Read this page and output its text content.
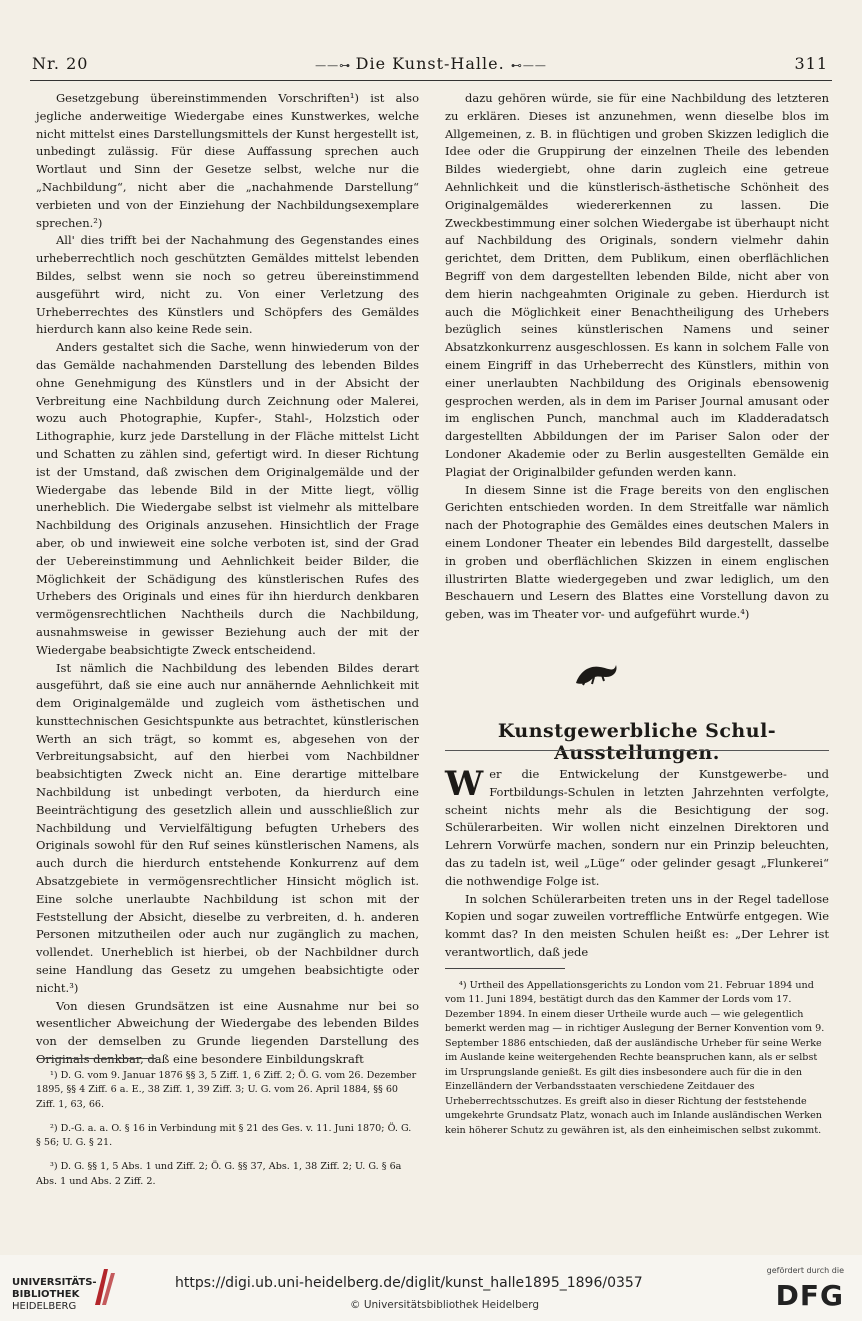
Nr. 20	——⊶ Die Kunst-Halle. ⊷——	311

Gesetzgebung übereinstimmenden Vorschriften¹) ist also jegliche anderweitige Wiedergabe eines Kunstwerkes, welche nicht mittelst eines Darstellungsmittels der Kunst hergestellt ist, unbedingt zulässig. Für diese Auffassung sprechen auch Wortlaut und Sinn der Gesetze selbst, welche nur die „Nachbildung“, nicht aber die „nachahmende Darstellung“ verbieten und von der Einziehung der Nachbildungsexemplare sprechen.²)

All' dies trifft bei der Nachahmung des Gegenstandes eines urheberrechtlich noch geschützten Gemäldes mittelst lebenden Bildes, selbst wenn sie noch so getreu übereinstimmend ausgeführt wird, nicht zu. Von einer Verletzung des Urheberrechtes des Künstlers und Schöpfers des Gemäldes hierdurch kann also keine Rede sein.

Anders gestaltet sich die Sache, wenn hinwiederum von der das Gemälde nachahmenden Darstellung des lebenden Bildes ohne Genehmigung des Künstlers und in der Absicht der Verbreitung eine Nachbildung durch Zeichnung oder Malerei, wozu auch Photographie, Kupfer-, Stahl-, Holzstich oder Lithographie, kurz jede Darstellung in der Fläche mittelst Licht und Schatten zu zählen sind, gefertigt wird. In dieser Richtung ist der Umstand, daß zwischen dem Originalgemälde und der Wiedergabe das lebende Bild in der Mitte liegt, völlig unerheblich. Die Wiedergabe selbst ist vielmehr als mittelbare Nachbildung des Originals anzusehen. Hinsichtlich der Frage aber, ob und inwieweit eine solche verboten ist, sind der Grad der Uebereinstimmung und Aehnlichkeit beider Bilder, die Möglichkeit der Schädigung des künstlerischen Rufes des Urhebers des Originals und eines für ihn hierdurch denkbaren vermögensrechtlichen Nachtheils durch die Nachbildung, ausnahmsweise in gewisser Beziehung auch der mit der Wiedergabe beabsichtigte Zweck entscheidend.

Ist nämlich die Nachbildung des lebenden Bildes derart ausgeführt, daß sie eine auch nur annähernde Aehnlichkeit mit dem Originalgemälde und zugleich vom ästhetischen und kunsttechnischen Gesichtspunkte aus betrachtet, künstlerischen Werth an sich trägt, so kommt es, abgesehen von der Verbreitungsabsicht, auf den hierbei vom Nachbildner beabsichtigten Zweck nicht an. Eine derartige mittelbare Nachbildung ist unbedingt verboten, da hierdurch eine Beeinträchtigung des gesetzlich allein und ausschließlich zur Nachbildung und Vervielfältigung befugten Urhebers des Originals sowohl für den Ruf seines künstlerischen Namens, als auch durch die hierdurch entstehende Konkurrenz auf dem Absatzgebiete in vermögensrechtlicher Hinsicht möglich ist. Eine solche unerlaubte Nachbildung ist schon mit der Feststellung der Absicht, dieselbe zu verbreiten, d. h. anderen Personen mitzutheilen oder auch nur zugänglich zu machen, vollendet. Unerheblich ist hierbei, ob der Nachbildner durch seine Handlung das Gesetz zu umgehen beabsichtigte oder nicht.³)

Von diesen Grundsätzen ist eine Ausnahme nur bei so wesentlicher Abweichung der Wiedergabe des lebenden Bildes von der demselben zu Grunde liegenden Darstellung des Originals denkbar, daß eine besondere Einbildungskraft

¹) D. G. vom 9. Januar 1876 §§ 3, 5 Ziff. 1, 6 Ziff. 2; Ö. G. vom 26. Dezember 1895, §§ 4 Ziff. 6 a. E., 38 Ziff. 1, 39 Ziff. 3; U. G. vom 26. April 1884, §§ 60 Ziff. 1, 63, 66.

²) D.-G. a. a. O. § 16 in Verbindung mit § 21 des Ges. v. 11. Juni 1870; Ö. G. § 56; U. G. § 21.

³) D. G. §§ 1, 5 Abs. 1 und Ziff. 2; Ö. G. §§ 37, Abs. 1, 38 Ziff. 2; U. G. § 6a Abs. 1 und Abs. 2 Ziff. 2.

dazu gehören würde, sie für eine Nachbildung des letzteren zu erklären. Dieses ist anzunehmen, wenn dieselbe blos im Allgemeinen, z. B. in flüchtigen und groben Skizzen lediglich die Idee oder die Gruppirung der einzelnen Theile des lebenden Bildes wiedergiebt, ohne darin zugleich eine getreue Aehnlichkeit und die künstlerisch-ästhetische Schönheit des Originalgemäldes wiedererkennen zu lassen. Die Zweckbestimmung einer solchen Wiedergabe ist überhaupt nicht auf Nachbildung des Originals, sondern vielmehr dahin gerichtet, dem Dritten, dem Publikum, einen oberflächlichen Begriff von dem dargestellten lebenden Bilde, nicht aber von dem hierin nachgeahmten Originale zu geben. Hierdurch ist auch die Möglichkeit einer Benachtheiligung des Urhebers bezüglich seines künstlerischen Namens und seiner Absatzkonkurrenz ausgeschlossen. Es kann in solchem Falle von einem Eingriff in das Urheberrecht des Künstlers, mithin von einer unerlaubten Nachbildung des Originals ebensowenig gesprochen werden, als in dem im Pariser Journal amusant oder im englischen Punch, manchmal auch im Kladderadatsch dargestellten Abbildungen der im Pariser Salon oder der Londoner Akademie oder zu Berlin ausgestellten Gemälde ein Plagiat der Originalbilder gefunden werden kann.

In diesem Sinne ist die Frage bereits von den englischen Gerichten entschieden worden. In dem Streitfalle war nämlich nach der Photographie des Gemäldes eines deutschen Malers in einem Londoner Theater ein lebendes Bild dargestellt, dasselbe in groben und oberflächlichen Skizzen in einem englischen illustrirten Blatte wiedergegeben und zwar lediglich, um den Beschauern und Lesern des Blattes eine Vorstellung davon zu geben, was im Theater vor- und aufgeführt wurde.⁴)

Kunstgewerbliche Schul-Ausstellungen.

W er die Entwickelung der Kunstgewerbe- und Fortbildungs-Schulen in letzten Jahrzehnten verfolgte, scheint nichts mehr als die Besichtigung der sog. Schülerarbeiten. Wir wollen nicht einzelnen Direktoren und Lehrern Vorwürfe machen, sondern nur ein Prinzip beleuchten, das zu tadeln ist, weil „Lüge“ oder gelinder gesagt „Flunkerei“ die nothwendige Folge ist.

In solchen Schülerarbeiten treten uns in der Regel tadellose Kopien und sogar zuweilen vortreffliche Entwürfe entgegen. Wie kommt das? In den meisten Schulen heißt es: „Der Lehrer ist verantwortlich, daß jede

⁴) Urtheil des Appellationsgerichts zu London vom 21. Februar 1894 und vom 11. Juni 1894, bestätigt durch das den Kammer der Lords vom 17. Dezember 1894. In einem dieser Urtheile wurde auch — wie gelegentlich bemerkt werden mag — in richtiger Auslegung der Berner Konvention vom 9. September 1886 entschieden, daß der ausländische Urheber für seine Werke im Auslande keine weitergehenden Rechte beanspruchen kann, als er selbst im Ursprungslande genießt. Es gilt dies insbesondere auch für die in den Einzelländern der Verbandsstaaten verschiedene Zeitdauer des Urheberrechtsschutzes. Es greift also in dieser Richtung der feststehende umgekehrte Grundsatz Platz, wonach auch im Inlande ausländischen Werken kein höherer Schutz zu gewähren ist, als den einheimischen selbst zukommt.

UNIVERSITÄTS-
BIBLIOTHEK
HEIDELBERG
https://digi.ub.uni-heidelberg.de/diglit/kunst_halle1895_1896/0357
© Universitätsbibliothek Heidelberg
gefördert durch die
DFG
